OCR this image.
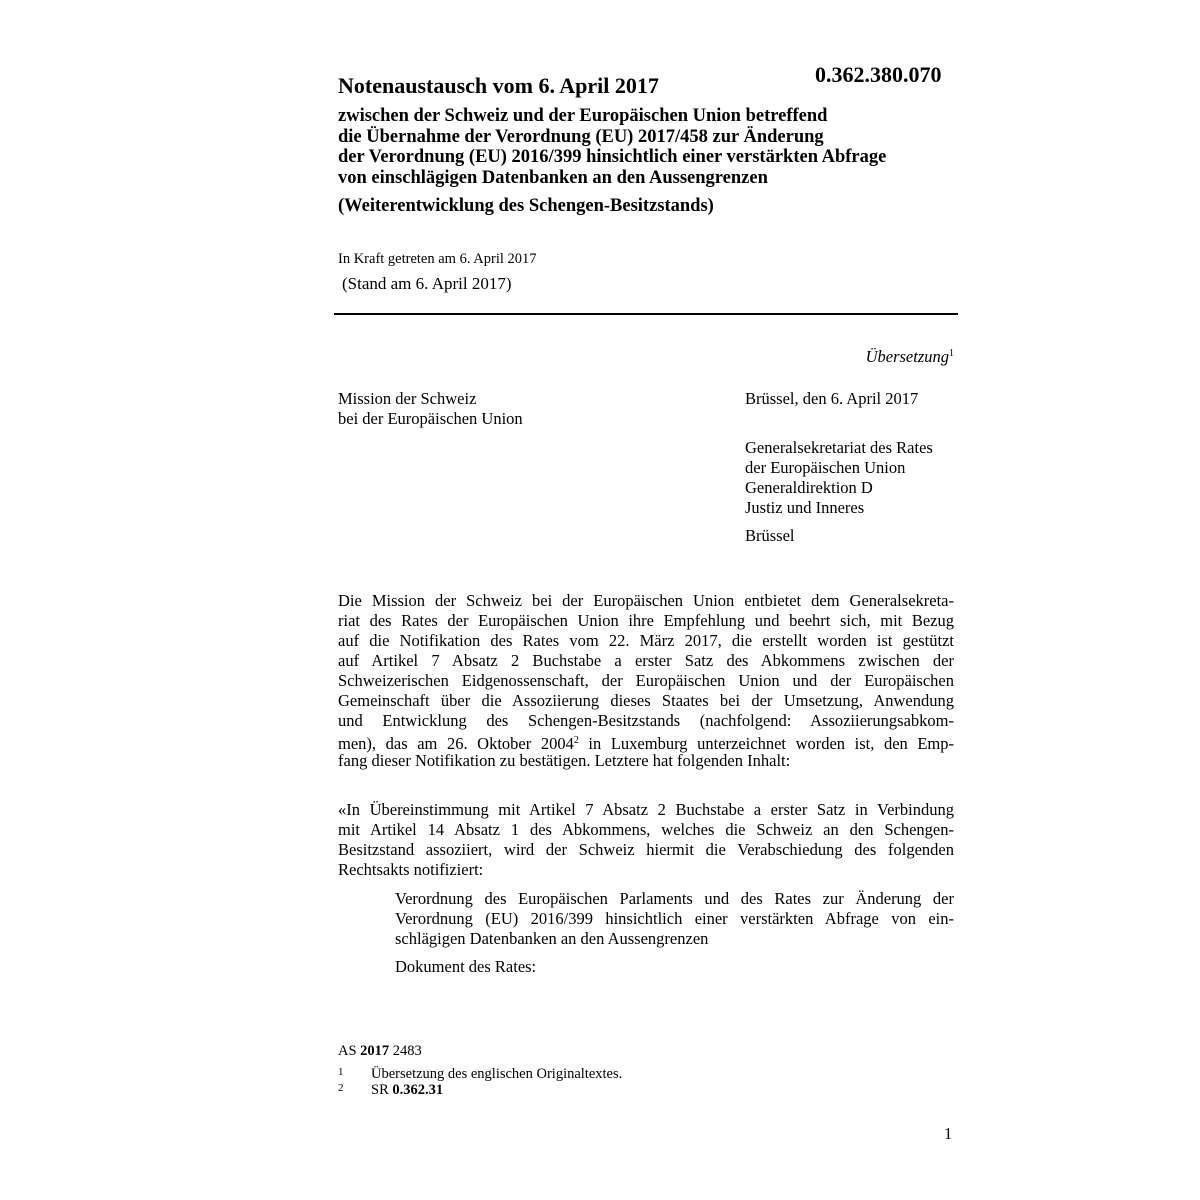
Notenaustausch vom 6. April 2017	0.362.380.070
zwischen der Schweiz und der Europäischen Union betreffend
die Übernahme der Verordnung (EU) 2017/458 zur Änderung
der Verordnung (EU) 2016/399 hinsichtlich einer verstärkten Abfrage
von einschlägigen Datenbanken an den Aussengrenzen
(Weiterentwicklung des Schengen-Besitzstands)
In Kraft getreten am 6. April 2017
(Stand am 6. April 2017)
Übersetzung$^1$
Mission der Schweiz
bei der Europäischen Union
Brüssel, den 6. April 2017
Generalsekretariat des Rates
der Europäischen Union
Generaldirektion D
Justiz und Inneres
Brüssel
Die Mission der Schweiz bei der Europäischen Union entbietet dem Generalsekreta-
riat des Rates der Europäischen Union ihre Empfehlung und beehrt sich, mit Bezug
auf die Notifikation des Rates vom 22. März 2017, die erstellt worden ist gestützt
auf Artikel 7 Absatz 2 Buchstabe a erster Satz des Abkommens zwischen der
Schweizerischen Eidgenossenschaft, der Europäischen Union und der Europäischen
Gemeinschaft über die Assoziierung dieses Staates bei der Umsetzung, Anwendung
und Entwicklung des Schengen-Besitzstands (nachfolgend: Assoziierungsabkom-
men), das am 26. Oktober 2004$^2$ in Luxemburg unterzeichnet worden ist, den Emp-
fang dieser Notifikation zu bestätigen. Letztere hat folgenden Inhalt:
«In Übereinstimmung mit Artikel 7 Absatz 2 Buchstabe a erster Satz in Verbindung
mit Artikel 14 Absatz 1 des Abkommens, welches die Schweiz an den Schengen-
Besitzstand assoziiert, wird der Schweiz hiermit die Verabschiedung des folgenden
Rechtsakts notifiziert:
Verordnung des Europäischen Parlaments und des Rates zur Änderung der
Verordnung (EU) 2016/399 hinsichtlich einer verstärkten Abfrage von ein-
schlägigen Datenbanken an den Aussengrenzen
Dokument des Rates:
AS 2017 2483
1 Übersetzung des englischen Originaltextes.
2 SR 0.362.31
1
